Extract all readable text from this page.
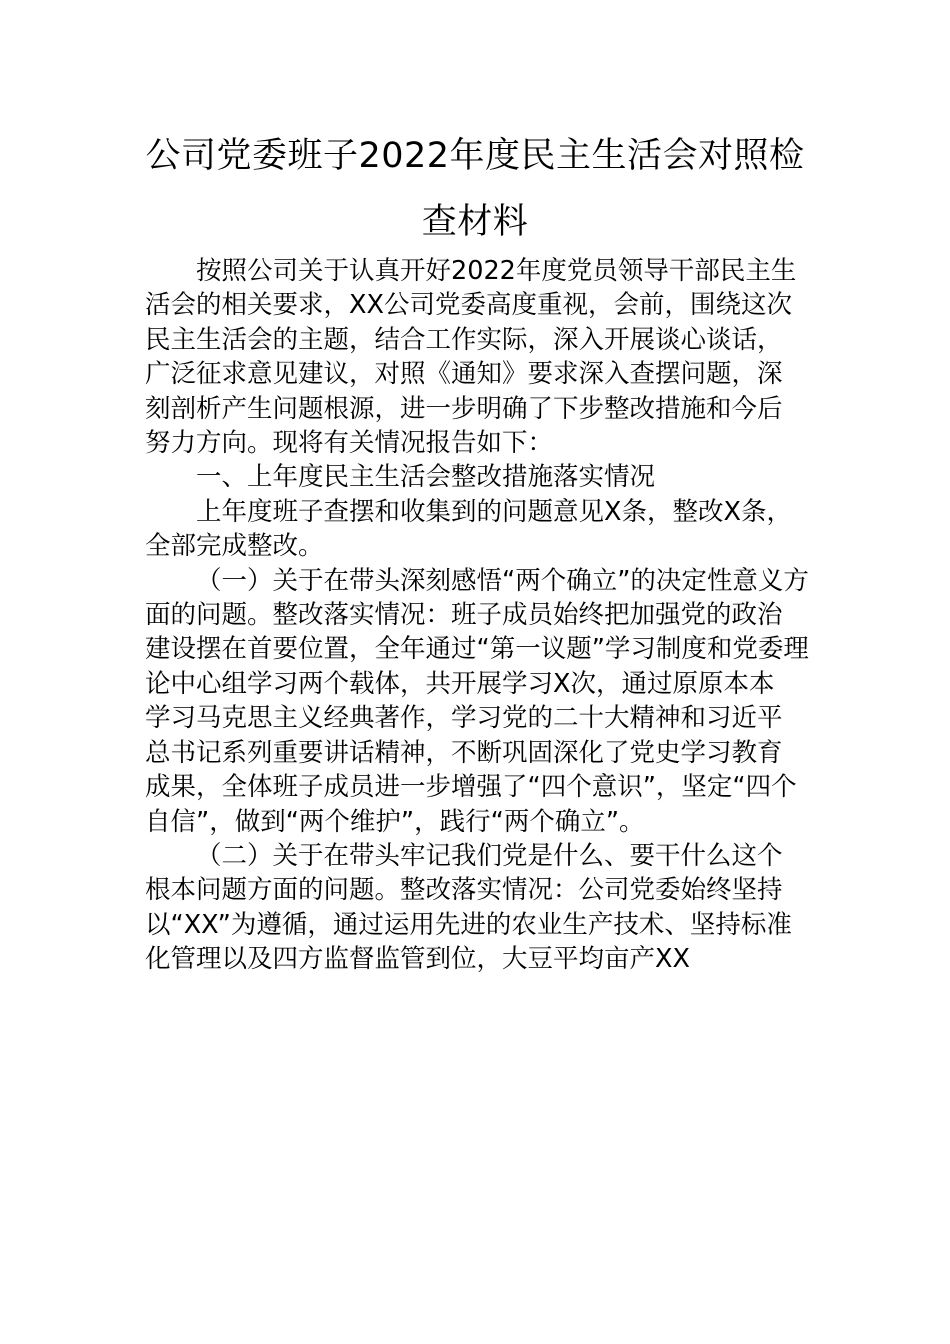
公司党委班子2022年度民主生活会对照检
查材料
按照公司关于认真开好2022年度党员领导干部民主生
活会的相关要求，XX公司党委高度重视，会前，围绕这次
民主生活会的主题，结合工作实际，深入开展谈心谈话，
广泛征求意见建议，对照《通知》要求深入查摆问题，深
刻剖析产生问题根源，进一步明确了下步整改措施和今后
努力方向。现将有关情况报告如下：
一、上年度民主生活会整改措施落实情况
上年度班子查摆和收集到的问题意见X条，整改X条，
全部完成整改。
（一）关于在带头深刻感悟“两个确立”的决定性意义方
面的问题。整改落实情况：班子成员始终把加强党的政治
建设摆在首要位置，全年通过“第一议题”学习制度和党委理
论中心组学习两个载体，共开展学习X次，通过原原本本
学习马克思主义经典著作，学习党的二十大精神和习近平
总书记系列重要讲话精神，不断巩固深化了党史学习教育
成果，全体班子成员进一步增强了“四个意识”，坚定“四个
自信”，做到“两个维护”，践行“两个确立”。
（二）关于在带头牢记我们党是什么、要干什么这个
根本问题方面的问题。整改落实情况：公司党委始终坚持
以“XX”为遵循，通过运用先进的农业生产技术、坚持标准
化管理以及四方监督监管到位，大豆平均亩产XX
